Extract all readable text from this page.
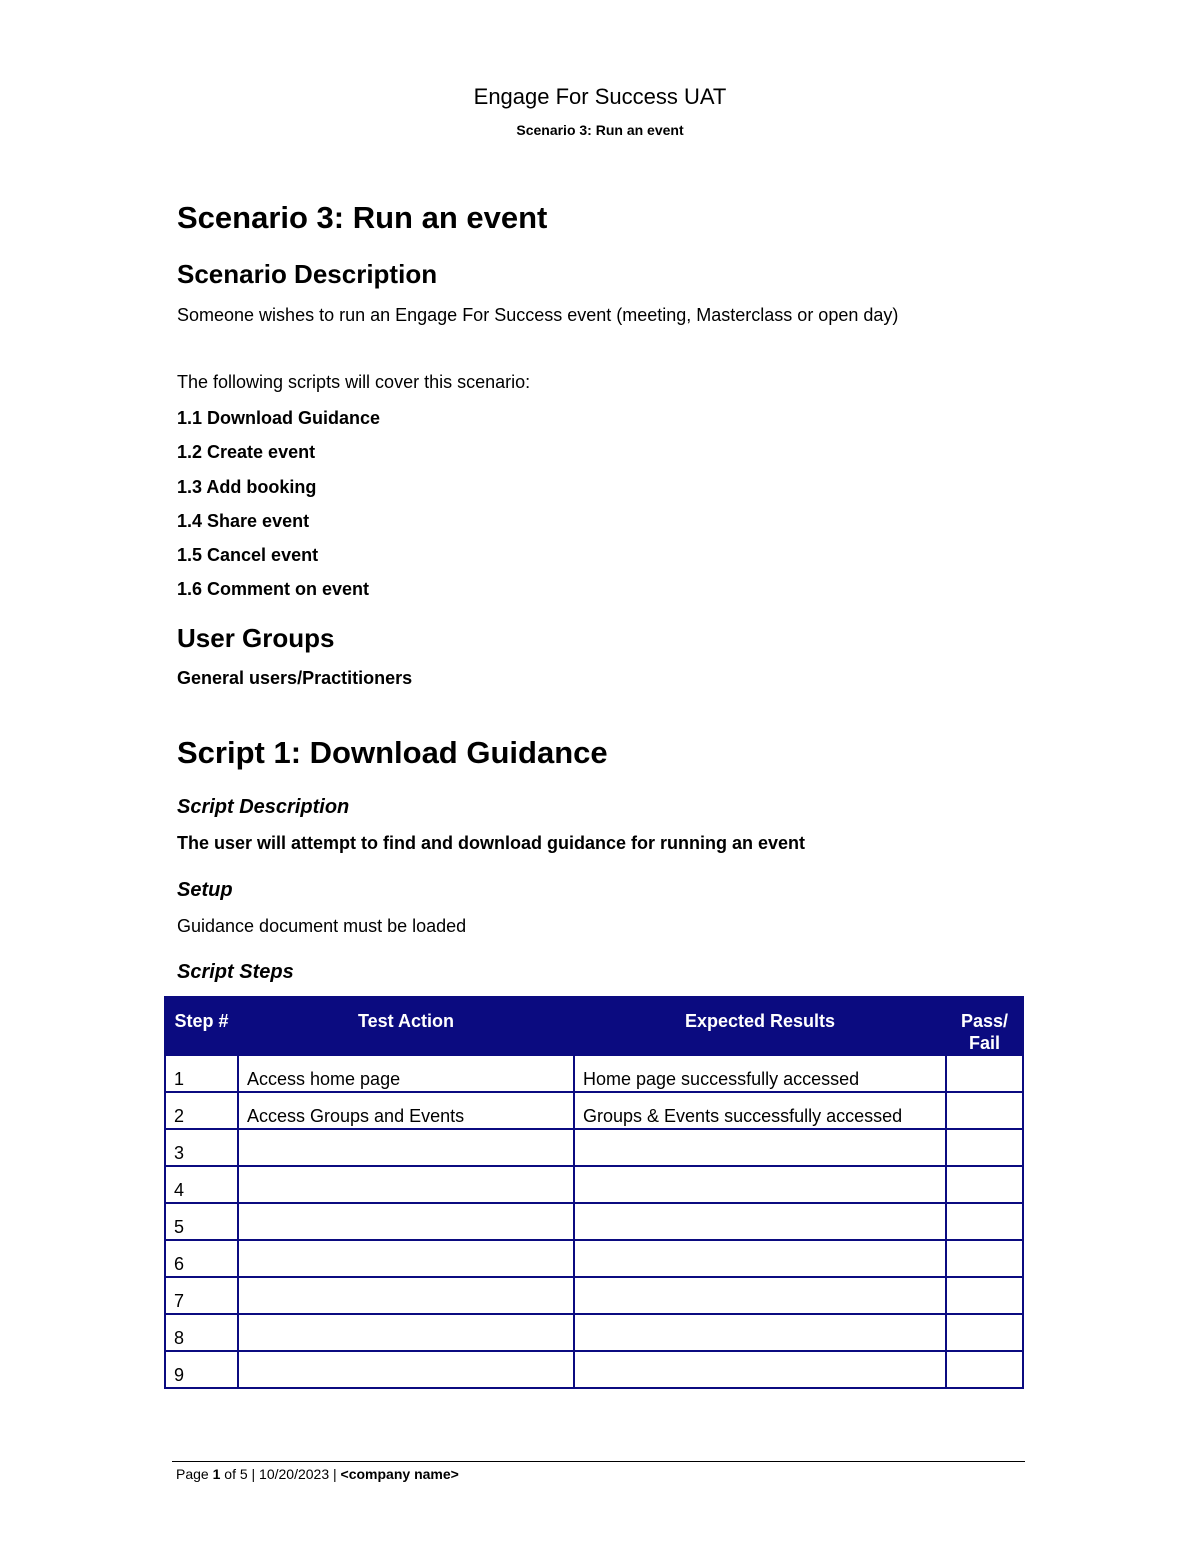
Engage For Success UAT
Scenario 3: Run an event
Scenario 3: Run an event
Scenario Description
Someone wishes to run an Engage For Success event (meeting, Masterclass or open day)
The following scripts will cover this scenario:
1.1 Download Guidance
1.2 Create event
1.3 Add booking
1.4 Share event
1.5 Cancel event
1.6 Comment on event
User Groups
General users/Practitioners
Script 1: Download Guidance
Script Description
The user will attempt to find and download guidance for running an event
Setup
Guidance document must be loaded
Script Steps
Step #	Test Action	Expected Results	Pass/ Fail
1	Access home page	Home page successfully accessed	
2	Access Groups and Events	Groups & Events successfully accessed	
3			
4			
5			
6			
7			
8			
9			
Page 1 of 5 | 10/20/2023 | <company name>
